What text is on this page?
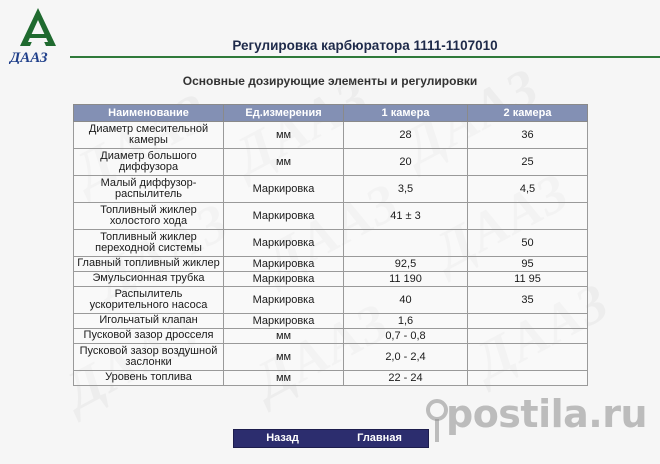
ДААЗ
Регулировка карбюратора 1111-1107010
Основные дозирующие элементы и регулировки
Наименование	Ед.измерения	1 камера	2 камера
Диаметр смесительной камеры	мм	28	36
Диаметр большого диффузора	мм	20	25
Малый диффузор-распылитель	Маркировка	3,5	4,5
Топливный жиклер холостого хода	Маркировка	41 ± 3	
Топливный жиклер переходной системы	Маркировка		50
Главный топливный жиклер	Маркировка	92,5	95
Эмульсионная трубка	Маркировка	11 190	11 95
Распылитель ускорительного насоса	Маркировка	40	35
Игольчатый клапан	Маркировка	1,6	
Пусковой зазор дросселя	мм	0,7 - 0,8	
Пусковой зазор воздушной заслонки	мм	2,0 - 2,4	
Уровень топлива	мм	22 - 24	
Назад	Главная
postila.ru
